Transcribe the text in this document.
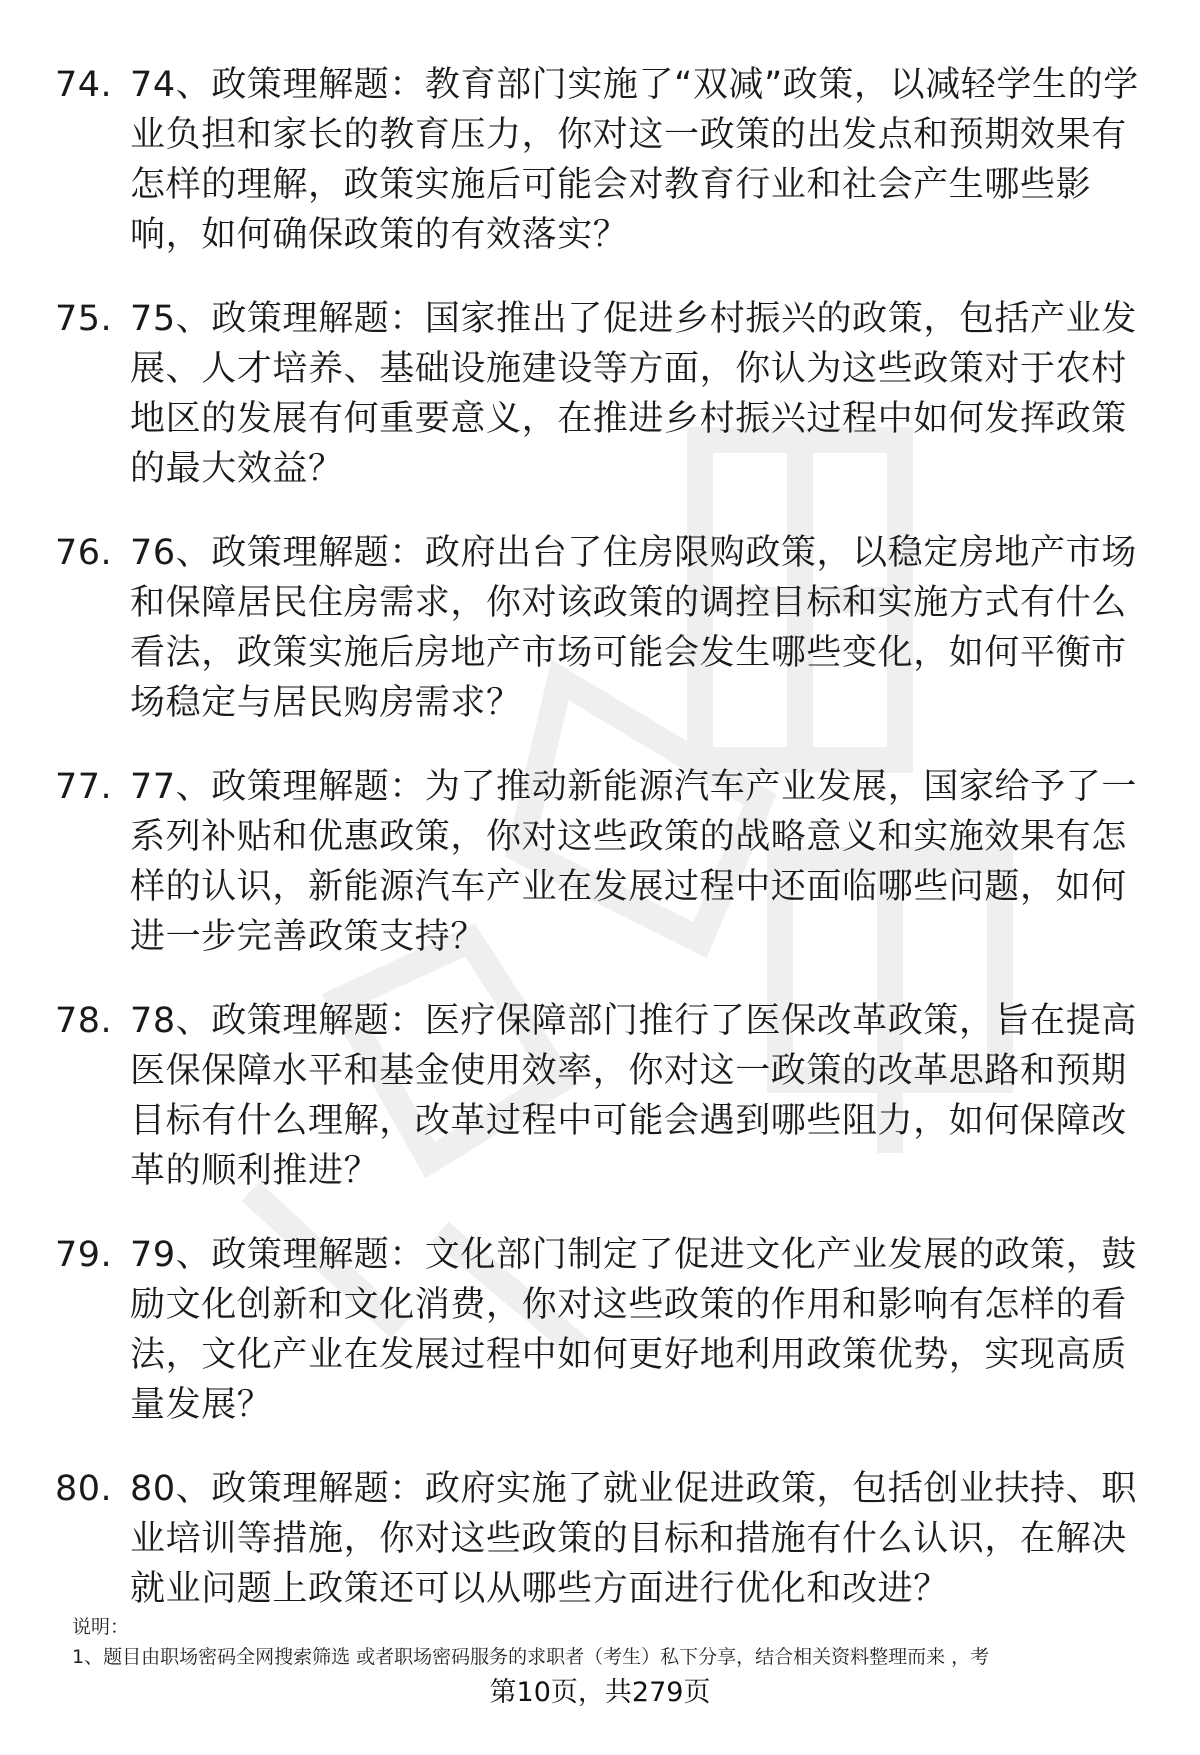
74. 74、政策理解题：教育部门实施了“双减”政策，以减轻学生的学业负担和家长的教育压力，你对这一政策的出发点和预期效果有怎样的理解，政策实施后可能会对教育行业和社会产生哪些影响，如何确保政策的有效落实？

75. 75、政策理解题：国家推出了促进乡村振兴的政策，包括产业发展、人才培养、基础设施建设等方面，你认为这些政策对于农村地区的发展有何重要意义，在推进乡村振兴过程中如何发挥政策的最大效益？

76. 76、政策理解题：政府出台了住房限购政策，以稳定房地产市场和保障居民住房需求，你对该政策的调控目标和实施方式有什么看法，政策实施后房地产市场可能会发生哪些变化，如何平衡市场稳定与居民购房需求？

77. 77、政策理解题：为了推动新能源汽车产业发展，国家给予了一系列补贴和优惠政策，你对这些政策的战略意义和实施效果有怎样的认识，新能源汽车产业在发展过程中还面临哪些问题，如何进一步完善政策支持？

78. 78、政策理解题：医疗保障部门推行了医保改革政策，旨在提高医保保障水平和基金使用效率，你对这一政策的改革思路和预期目标有什么理解，改革过程中可能会遇到哪些阻力，如何保障改革的顺利推进？

79. 79、政策理解题：文化部门制定了促进文化产业发展的政策，鼓励文化创新和文化消费，你对这些政策的作用和影响有怎样的看法，文化产业在发展过程中如何更好地利用政策优势，实现高质量发展？

80. 80、政策理解题：政府实施了就业促进政策，包括创业扶持、职业培训等措施，你对这些政策的目标和措施有什么认识，在解决就业问题上政策还可以从哪些方面进行优化和改进？

说明：
1、题目由职场密码全网搜索筛选 或者职场密码服务的求职者（考生）私下分享，结合相关资料整理而来 ，考
第10页，共279页
